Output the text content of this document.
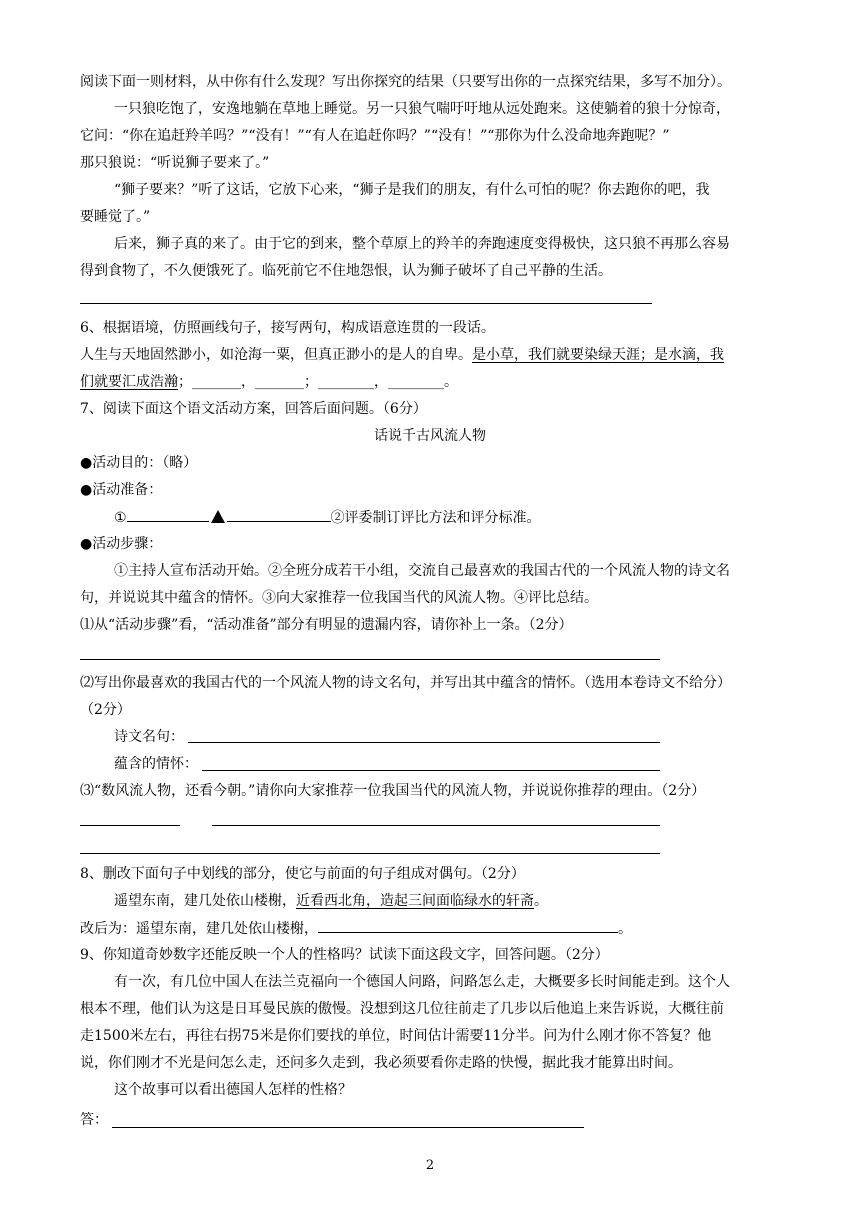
阅读下面一则材料，从中你有什么发现？写出你探究的结果（只要写出你的一点探究结果，多写不加分）。
一只狼吃饱了，安逸地躺在草地上睡觉。另一只狼气喘吁吁地从远处跑来。这使躺着的狼十分惊奇，
它问：“你在追赶羚羊吗？”“没有！”“有人在追赶你吗？”“没有！”“那你为什么没命地奔跑呢？”
那只狼说：“听说狮子要来了。”
“狮子要来？”听了这话，它放下心来，“狮子是我们的朋友，有什么可怕的呢？你去跑你的吧，我
要睡觉了。”
后来，狮子真的来了。由于它的到来，整个草原上的羚羊的奔跑速度变得极快，这只狼不再那么容易
得到食物了，不久便饿死了。临死前它不住地怨恨，认为狮子破坏了自己平静的生活。
6、根据语境，仿照画线句子，接写两句，构成语意连贯的一段话。
人生与天地固然渺小，如沧海一粟，但真正渺小的是人的自卑。是小草，我们就要染绿天涯；是水滴，我
们就要汇成浩瀚；_______，_______；________，________。
7、阅读下面这个语文活动方案，回答后面问题。（6分）
话说千古风流人物
●活动目的：（略）
●活动准备：
①	②评委制订评比方法和评分标准。
●活动步骤：
①主持人宣布活动开始。②全班分成若干小组，交流自己最喜欢的我国古代的一个风流人物的诗文名
句，并说说其中蕴含的情怀。③向大家推荐一位我国当代的风流人物。④评比总结。
⑴从“活动步骤”看，“活动准备”部分有明显的遗漏内容，请你补上一条。（2分）
⑵写出你最喜欢的我国古代的一个风流人物的诗文名句，并写出其中蕴含的情怀。（选用本卷诗文不给分）
（2分）
诗文名句：
蕴含的情怀：
⑶“数风流人物，还看今朝。”请你向大家推荐一位我国当代的风流人物，并说说你推荐的理由。（2分）
8、删改下面句子中划线的部分，使它与前面的句子组成对偶句。（2分）
遥望东南，建几处依山楼榭，近看西北角，造起三间面临绿水的轩斋。
改后为：遥望东南，建几处依山楼榭，	。
9、你知道奇妙数字还能反映一个人的性格吗？试读下面这段文字，回答问题。（2分）
有一次，有几位中国人在法兰克福向一个德国人问路，问路怎么走，大概要多长时间能走到。这个人
根本不理，他们认为这是日耳曼民族的傲慢。没想到这几位往前走了几步以后他追上来告诉说，大概往前
走1500米左右，再往右拐75米是你们要找的单位，时间估计需要11分半。问为什么刚才你不答复？他
说，你们刚才不光是问怎么走，还问多久走到，我必须要看你走路的快慢，据此我才能算出时间。
这个故事可以看出德国人怎样的性格？
答：
2
